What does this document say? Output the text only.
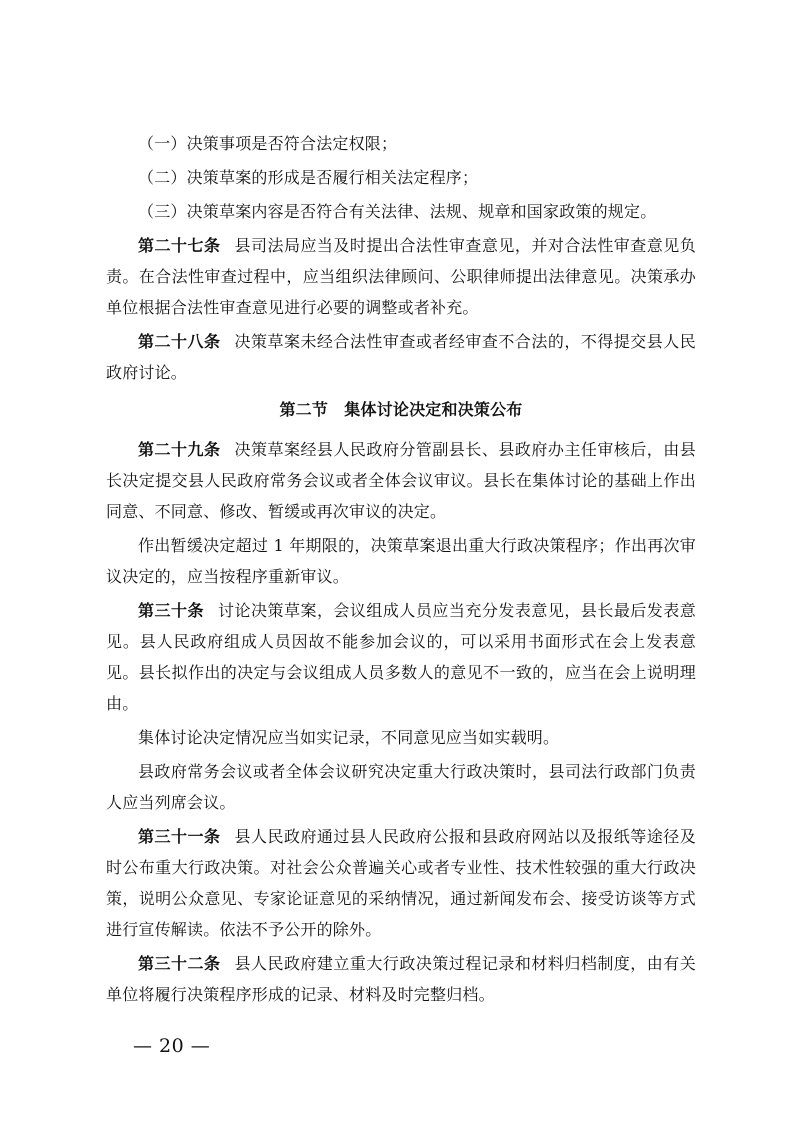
（一）决策事项是否符合法定权限；

（二）决策草案的形成是否履行相关法定程序；

（三）决策草案内容是否符合有关法律、法规、规章和国家政策的规定。

第二十七条 县司法局应当及时提出合法性审查意见，并对合法性审查意见负责。在合法性审查过程中，应当组织法律顾问、公职律师提出法律意见。决策承办单位根据合法性审查意见进行必要的调整或者补充。

第二十八条 决策草案未经合法性审查或者经审查不合法的，不得提交县人民政府讨论。

第二节　集体讨论决定和决策公布

第二十九条 决策草案经县人民政府分管副县长、县政府办主任审核后，由县长决定提交县人民政府常务会议或者全体会议审议。县长在集体讨论的基础上作出同意、不同意、修改、暂缓或再次审议的决定。

作出暂缓决定超过 1 年期限的，决策草案退出重大行政决策程序；作出再次审议决定的，应当按程序重新审议。

第三十条 讨论决策草案，会议组成人员应当充分发表意见，县长最后发表意见。县人民政府组成人员因故不能参加会议的，可以采用书面形式在会上发表意见。县长拟作出的决定与会议组成人员多数人的意见不一致的，应当在会上说明理由。

集体讨论决定情况应当如实记录，不同意见应当如实载明。

县政府常务会议或者全体会议研究决定重大行政决策时，县司法行政部门负责人应当列席会议。

第三十一条 县人民政府通过县人民政府公报和县政府网站以及报纸等途径及时公布重大行政决策。对社会公众普遍关心或者专业性、技术性较强的重大行政决策，说明公众意见、专家论证意见的采纳情况，通过新闻发布会、接受访谈等方式进行宣传解读。依法不予公开的除外。

第三十二条 县人民政府建立重大行政决策过程记录和材料归档制度，由有关单位将履行决策程序形成的记录、材料及时完整归档。

— 20 —
